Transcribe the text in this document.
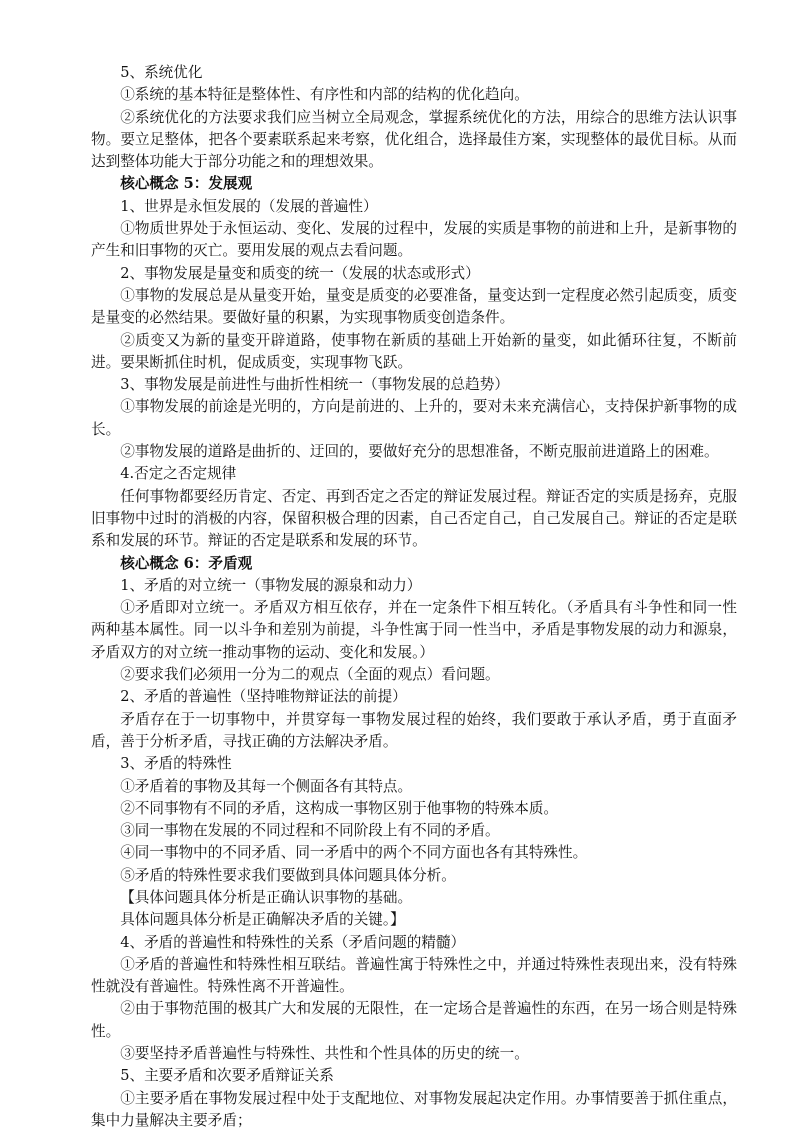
5、系统优化

①系统的基本特征是整体性、有序性和内部的结构的优化趋向。

②系统优化的方法要求我们应当树立全局观念，掌握系统优化的方法，用综合的思维方法认识事物。要立足整体，把各个要素联系起来考察，优化组合，选择最佳方案，实现整体的最优目标。从而达到整体功能大于部分功能之和的理想效果。

核心概念 5：发展观

1、世界是永恒发展的（发展的普遍性）

①物质世界处于永恒运动、变化、发展的过程中，发展的实质是事物的前进和上升，是新事物的产生和旧事物的灭亡。要用发展的观点去看问题。

2、事物发展是量变和质变的统一（发展的状态或形式）

①事物的发展总是从量变开始，量变是质变的必要准备，量变达到一定程度必然引起质变，质变是量变的必然结果。要做好量的积累，为实现事物质变创造条件。

②质变又为新的量变开辟道路，使事物在新质的基础上开始新的量变，如此循环往复，不断前进。要果断抓住时机，促成质变，实现事物飞跃。

3、事物发展是前进性与曲折性相统一（事物发展的总趋势）

①事物发展的前途是光明的，方向是前进的、上升的，要对未来充满信心，支持保护新事物的成长。

②事物发展的道路是曲折的、迂回的，要做好充分的思想准备，不断克服前进道路上的困难。

4.否定之否定规律

任何事物都要经历肯定、否定、再到否定之否定的辩证发展过程。辩证否定的实质是扬弃，克服旧事物中过时的消极的内容，保留积极合理的因素，自己否定自己，自己发展自己。辩证的否定是联系和发展的环节。辩证的否定是联系和发展的环节。

核心概念 6：矛盾观

1、矛盾的对立统一（事物发展的源泉和动力）

①矛盾即对立统一。矛盾双方相互依存，并在一定条件下相互转化。（矛盾具有斗争性和同一性两种基本属性。同一以斗争和差别为前提，斗争性寓于同一性当中，矛盾是事物发展的动力和源泉，矛盾双方的对立统一推动事物的运动、变化和发展。）

②要求我们必须用一分为二的观点（全面的观点）看问题。

2、矛盾的普遍性（坚持唯物辩证法的前提）

矛盾存在于一切事物中，并贯穿每一事物发展过程的始终，我们要敢于承认矛盾，勇于直面矛盾，善于分析矛盾，寻找正确的方法解决矛盾。

3、矛盾的特殊性

①矛盾着的事物及其每一个侧面各有其特点。

②不同事物有不同的矛盾，这构成一事物区别于他事物的特殊本质。

③同一事物在发展的不同过程和不同阶段上有不同的矛盾。

④同一事物中的不同矛盾、同一矛盾中的两个不同方面也各有其特殊性。

⑤矛盾的特殊性要求我们要做到具体问题具体分析。

【具体问题具体分析是正确认识事物的基础。

具体问题具体分析是正确解决矛盾的关键。】

4、矛盾的普遍性和特殊性的关系（矛盾问题的精髓）

①矛盾的普遍性和特殊性相互联结。普遍性寓于特殊性之中，并通过特殊性表现出来，没有特殊性就没有普遍性。特殊性离不开普遍性。

②由于事物范围的极其广大和发展的无限性，在一定场合是普遍性的东西，在另一场合则是特殊性。

③要坚持矛盾普遍性与特殊性、共性和个性具体的历史的统一。

5、主要矛盾和次要矛盾辩证关系

①主要矛盾在事物发展过程中处于支配地位、对事物发展起决定作用。办事情要善于抓住重点，集中力量解决主要矛盾；
